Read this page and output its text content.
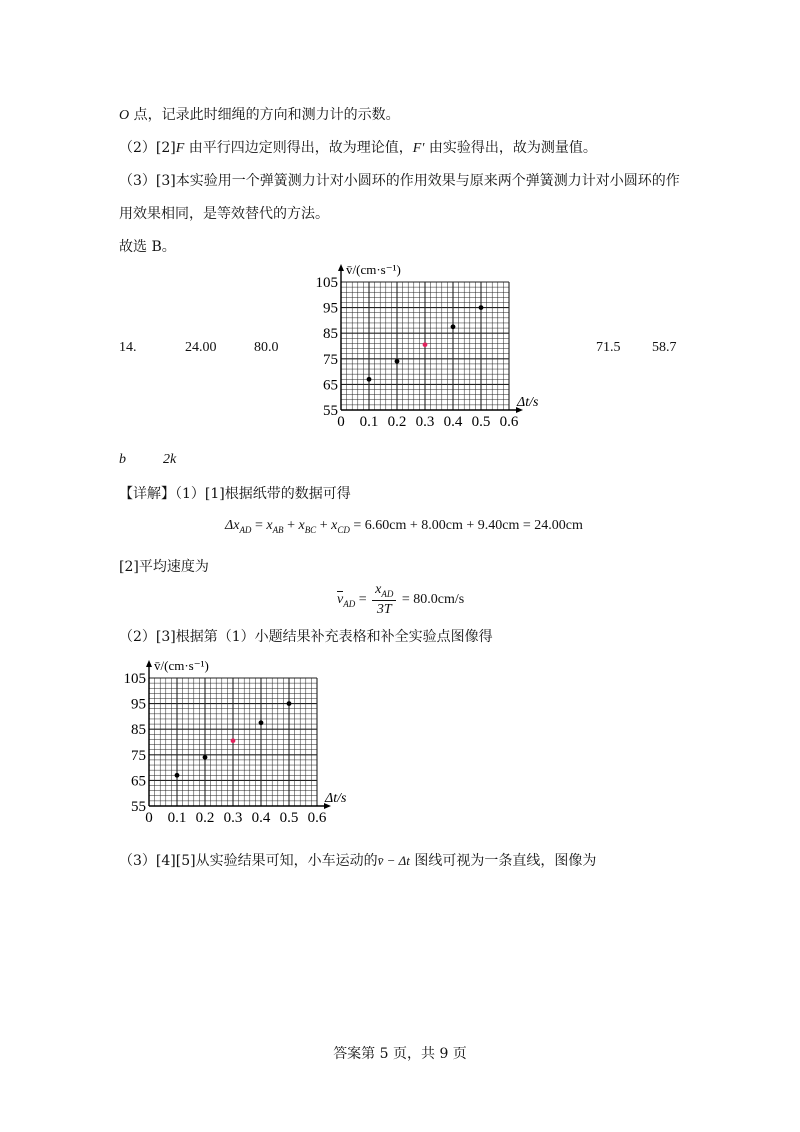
O 点，记录此时细绳的方向和测力计的示数。
（2）[2]F 由平行四边定则得出，故为理论值，F′ 由实验得出，故为测量值。
（3）[3]本实验用一个弹簧测力计对小圆环的作用效果与原来两个弹簧测力计对小圆环的作
用效果相同，是等效替代的方法。
故选 B。
14.	24.00	80.0	71.5 58.7
0 0.1 0.2 0.3 0.4 0.5 0.6
55
65
75
85
95
105
v̄/(cm·s⁻¹)
Δt/s
b	2k
【详解】（1）[1]根据纸带的数据可得
$\Delta x_{AD} = x_{AB} + x_{BC} + x_{CD} = 6.60cm + 8.00cm + 9.40cm = 24.00cm$
[2]平均速度为
$v_{AD} = \frac{x_{AD}}{3T} = 80.0cm/s$
（2）[3]根据第（1）小题结果补充表格和补全实验点图像得
0 0.1 0.2 0.3 0.4 0.5 0.6
55
65
75
85
95
105
v̄/(cm·s⁻¹)
Δt/s
（3）[4][5]从实验结果可知，小车运动的v̄ − Δt 图线可视为一条直线，图像为
答案第 5 页，共 9 页
